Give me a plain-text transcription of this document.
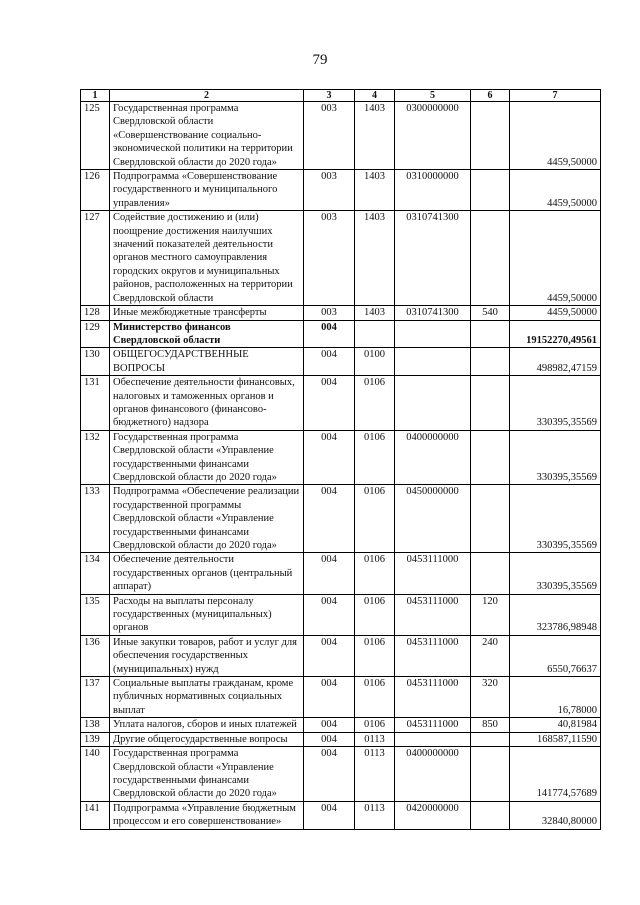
79
1	2	3	4	5	6	7
125	Государственная программа Свердловской области «Совершенствование социально-экономической политики на территории Свердловской области до 2020 года»	003	1403	0300000000		4459,50000
126	Подпрограмма «Совершенствование государственного и муниципального управления»	003	1403	0310000000		4459,50000
127	Содействие достижению и (или) поощрение достижения наилучших значений показателей деятельности органов местного самоуправления городских округов и муниципальных районов, расположенных на территории Свердловской области	003	1403	0310741300		4459,50000
128	Иные межбюджетные трансферты	003	1403	0310741300	540	4459,50000
129	Министерство финансов Свердловской области	004				19152270,49561
130	ОБЩЕГОСУДАРСТВЕННЫЕ ВОПРОСЫ	004	0100			498982,47159
131	Обеспечение деятельности финансовых, налоговых и таможенных органов и органов финансового (финансово-бюджетного) надзора	004	0106			330395,35569
132	Государственная программа Свердловской области «Управление государственными финансами Свердловской области до 2020 года»	004	0106	0400000000		330395,35569
133	Подпрограмма «Обеспечение реализации государственной программы Свердловской области «Управление государственными финансами Свердловской области до 2020 года»	004	0106	0450000000		330395,35569
134	Обеспечение деятельности государственных органов (центральный аппарат)	004	0106	0453111000		330395,35569
135	Расходы на выплаты персоналу государственных (муниципальных) органов	004	0106	0453111000	120	323786,98948
136	Иные закупки товаров, работ и услуг для обеспечения государственных (муниципальных) нужд	004	0106	0453111000	240	6550,76637
137	Социальные выплаты гражданам, кроме публичных нормативных социальных выплат	004	0106	0453111000	320	16,78000
138	Уплата налогов, сборов и иных платежей	004	0106	0453111000	850	40,81984
139	Другие общегосударственные вопросы	004	0113			168587,11590
140	Государственная программа Свердловской области «Управление государственными финансами Свердловской области до 2020 года»	004	0113	0400000000		141774,57689
141	Подпрограмма «Управление бюджетным процессом и его совершенствование»	004	0113	0420000000		32840,80000
